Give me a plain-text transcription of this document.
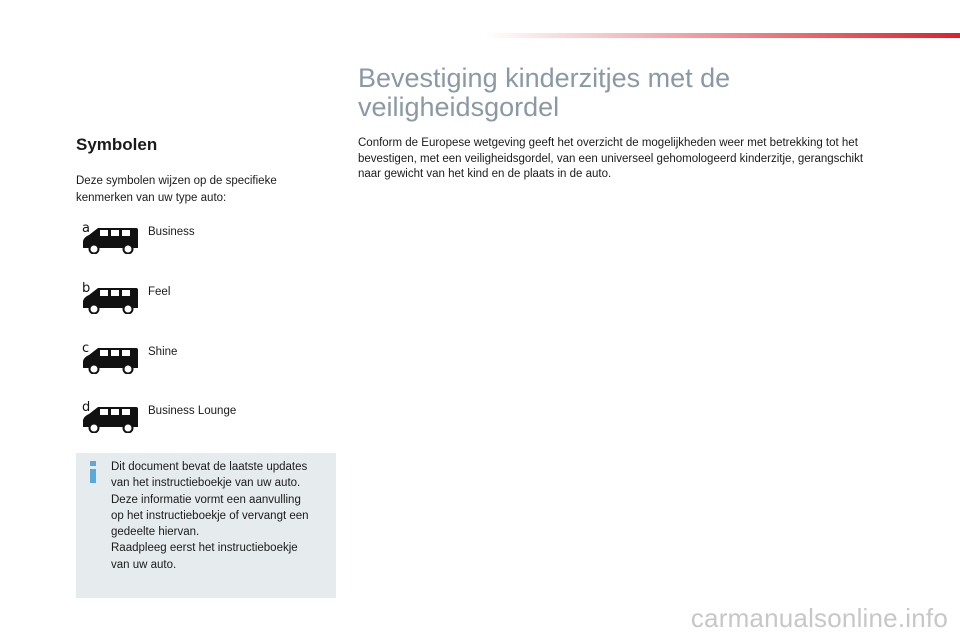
Symbolen

Deze symbolen wijzen op de specifieke kenmerken van uw type auto:

a	Business
b	Feel
c	Shine
d	Business Lounge

Dit document bevat de laatste updates
van het instructieboekje van uw auto.
Deze informatie vormt een aanvulling
op het instructieboekje of vervangt een
gedeelte hiervan.
Raadpleeg eerst het instructieboekje
van uw auto.

Bevestiging kinderzitjes met de
veiligheidsgordel

Conform de Europese wetgeving geeft het overzicht de mogelijkheden weer met betrekking tot het
bevestigen, met een veiligheidsgordel, van een universeel gehomologeerd kinderzitje, gerangschikt
naar gewicht van het kind en de plaats in de auto.

carmanualsonline.info
